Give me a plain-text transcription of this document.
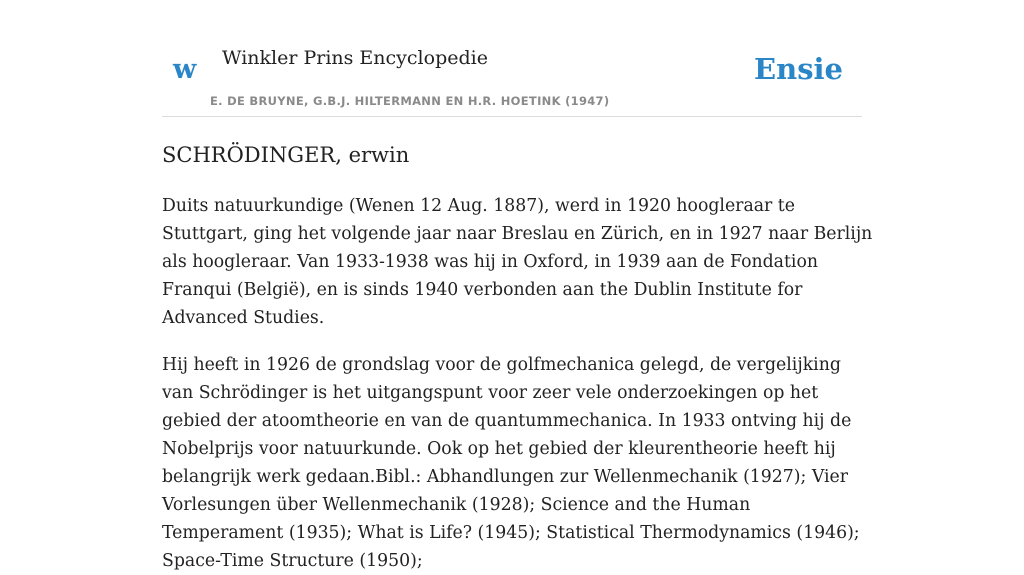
w Winkler Prins Encyclopedie
E. DE BRUYNE, G.B.J. HILTERMANN EN H.R. HOETINK (1947)
Ensie
SCHRÖDINGER, erwin

Duits natuurkundige (Wenen 12 Aug. 1887), werd in 1920 hoogleraar te Stuttgart, ging het volgende jaar naar Breslau en Zürich, en in 1927 naar Berlijn als hoogleraar. Van 1933-1938 was hij in Oxford, in 1939 aan de Fondation Franqui (België), en is sinds 1940 verbonden aan the Dublin Institute for Advanced Studies.

Hij heeft in 1926 de grondslag voor de golfmechanica gelegd, de vergelijking van Schrödinger is het uitgangspunt voor zeer vele onderzoekingen op het gebied der atoomtheorie en van de quantummechanica. In 1933 ontving hij de Nobelprijs voor natuurkunde. Ook op het gebied der kleurentheorie heeft hij belangrijk werk gedaan.Bibl.: Abhandlungen zur Wellenmechanik (1927); Vier Vorlesungen über Wellenmechanik (1928); Science and the Human Temperament (1935); What is Life? (1945); Statistical Thermodynamics (1946); Space-Time Structure (1950);
